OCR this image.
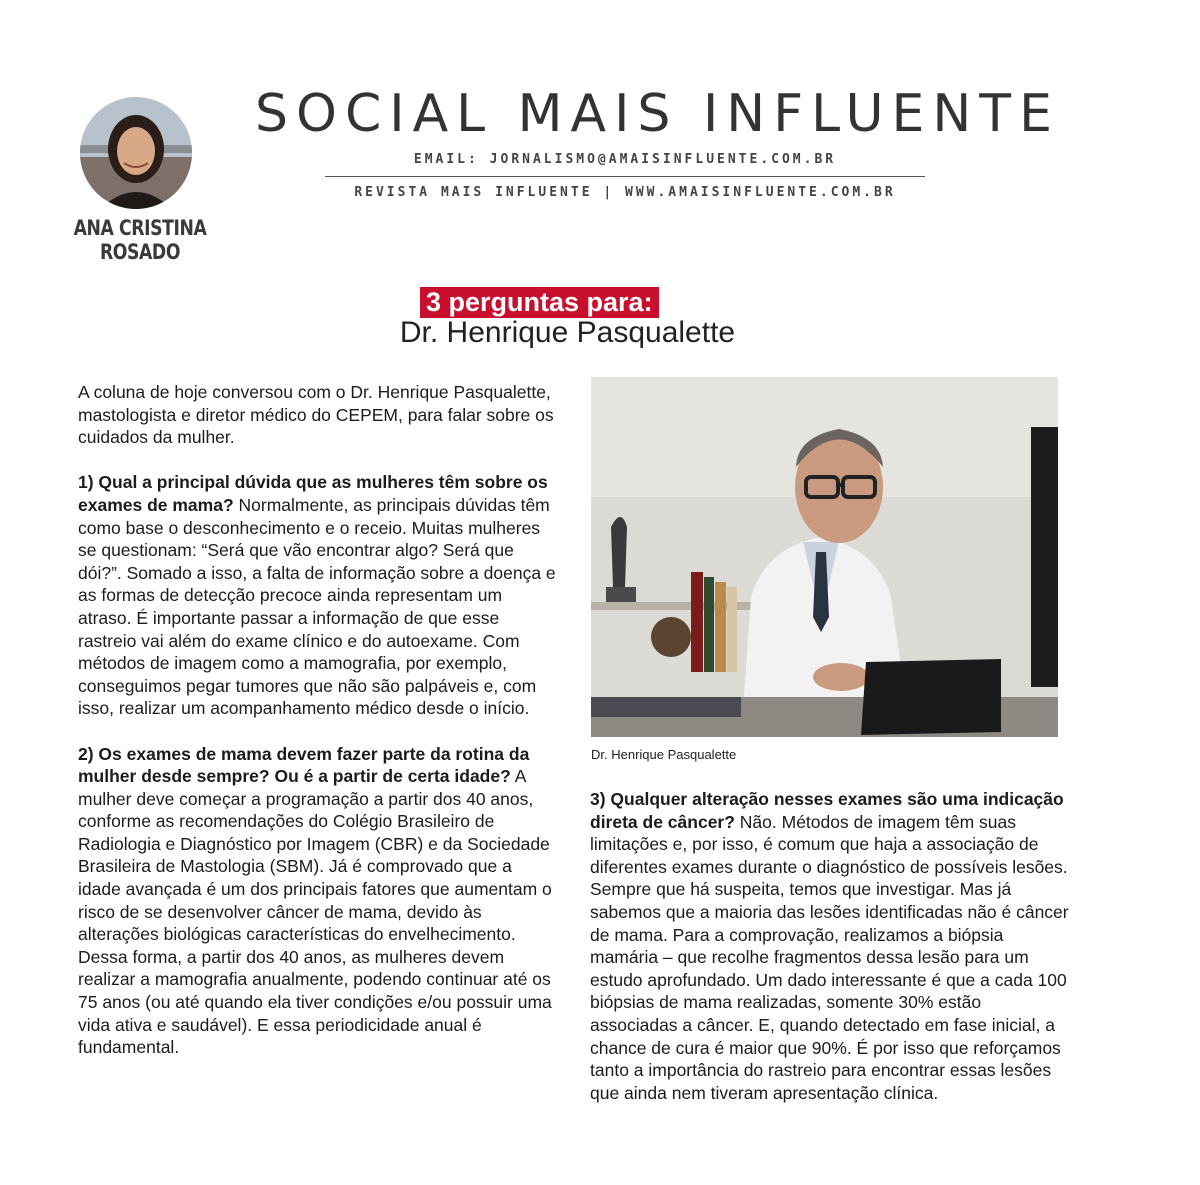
ANA CRISTINA ROSADO
SOCIAL MAIS INFLUENTE
EMAIL: JORNALISMO@AMAISINFLUENTE.COM.BR
REVISTA MAIS INFLUENTE | WWW.AMAISINFLUENTE.COM.BR
3 perguntas para:
Dr. Henrique Pasqualette

A coluna de hoje conversou com o Dr. Henrique Pasqualette, mastologista e diretor médico do CEPEM, para falar sobre os cuidados da mulher.

1) Qual a principal dúvida que as mulheres têm sobre os exames de mama? Normalmente, as principais dúvidas têm como base o desconhecimento e o receio. Muitas mulheres se questionam: “Será que vão encontrar algo? Será que dói?”. Somado a isso, a falta de informação sobre a doença e as formas de detecção precoce ainda representam um atraso. É importante passar a informação de que esse rastreio vai além do exame clínico e do autoexame. Com métodos de imagem como a mamografia, por exemplo, conseguimos pegar tumores que não são palpáveis e, com isso, realizar um acompanhamento médico desde o início.

2) Os exames de mama devem fazer parte da rotina da mulher desde sempre? Ou é a partir de certa idade? A mulher deve começar a programação a partir dos 40 anos, conforme as recomendações do Colégio Brasileiro de Radiologia e Diagnóstico por Imagem (CBR) e da Sociedade Brasileira de Mastologia (SBM). Já é comprovado que a idade avançada é um dos principais fatores que aumentam o risco de se desenvolver câncer de mama, devido às alterações biológicas características do envelhecimento. Dessa forma, a partir dos 40 anos, as mulheres devem realizar a mamografia anualmente, podendo continuar até os 75 anos (ou até quando ela tiver condições e/ou possuir uma vida ativa e saudável). E essa periodicidade anual é fundamental.

Dr. Henrique Pasqualette

3) Qualquer alteração nesses exames são uma indicação direta de câncer? Não. Métodos de imagem têm suas limitações e, por isso, é comum que haja a associação de diferentes exames durante o diagnóstico de possíveis lesões. Sempre que há suspeita, temos que investigar. Mas já sabemos que a maioria das lesões identificadas não é câncer de mama. Para a comprovação, realizamos a biópsia mamária – que recolhe fragmentos dessa lesão para um estudo aprofundado. Um dado interessante é que a cada 100 biópsias de mama realizadas, somente 30% estão associadas a câncer. E, quando detectado em fase inicial, a chance de cura é maior que 90%. É por isso que reforçamos tanto a importância do rastreio para encontrar essas lesões que ainda nem tiveram apresentação clínica.
